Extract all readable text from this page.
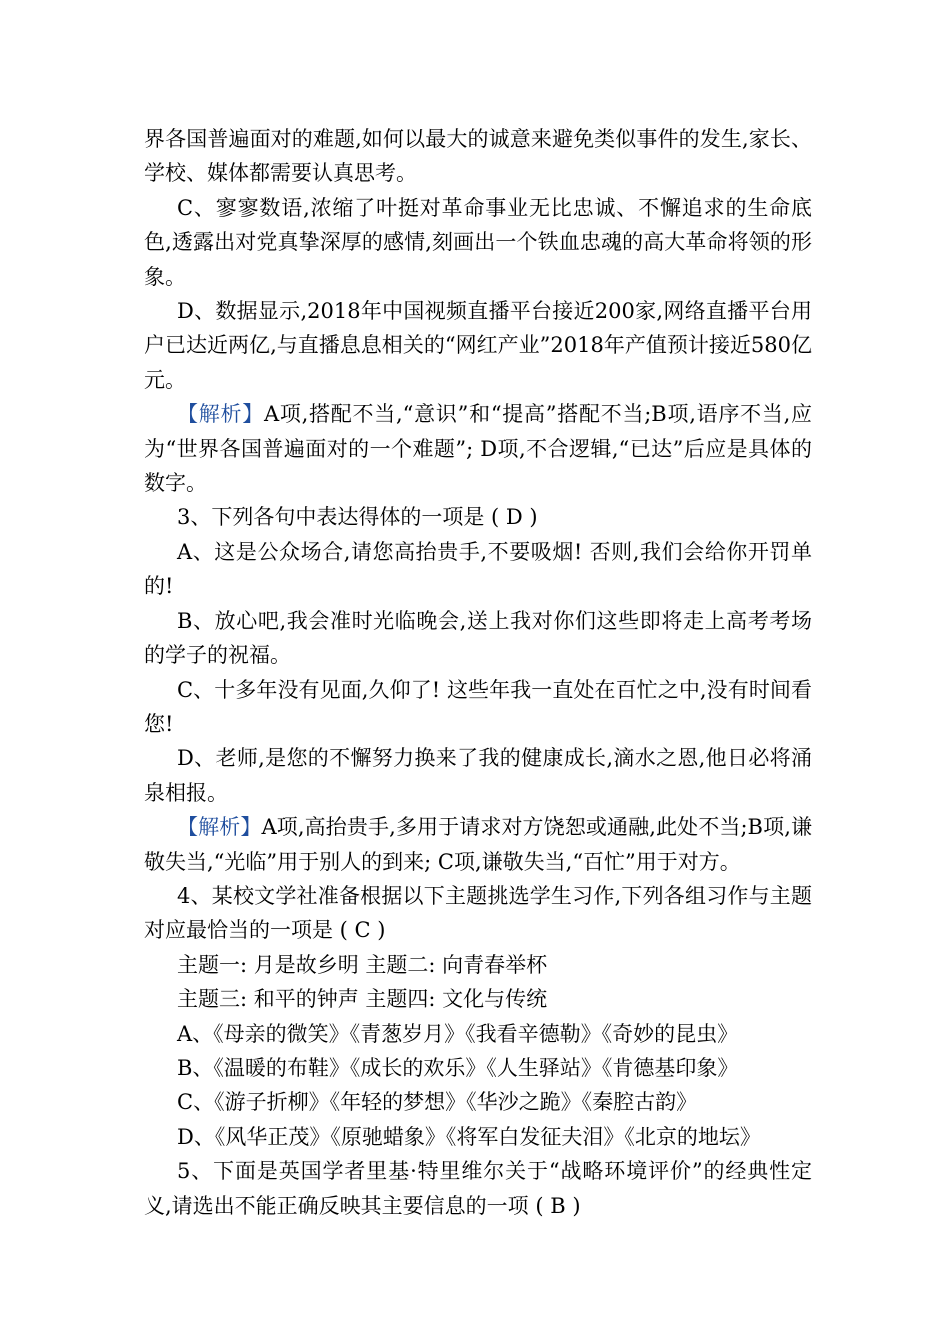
界各国普遍面对的难题,如何以最大的诚意来避免类似事件的发生,家长、学校、媒体都需要认真思考。

C、寥寥数语,浓缩了叶挺对革命事业无比忠诚、不懈追求的生命底色,透露出对党真挚深厚的感情,刻画出一个铁血忠魂的高大革命将领的形象。

D、数据显示,2018年中国视频直播平台接近200家,网络直播平台用户已达近两亿,与直播息息相关的“网红产业”2018年产值预计接近580亿元。

【解析】A项,搭配不当,“意识”和“提高”搭配不当;B项,语序不当,应为“世界各国普遍面对的一个难题”; D项,不合逻辑,“已达”后应是具体的数字。

3、下列各句中表达得体的一项是 ( D )

A、这是公众场合,请您高抬贵手,不要吸烟! 否则,我们会给你开罚单的!

B、放心吧,我会准时光临晚会,送上我对你们这些即将走上高考考场的学子的祝福。

C、十多年没有见面,久仰了! 这些年我一直处在百忙之中,没有时间看您!

D、老师,是您的不懈努力换来了我的健康成长,滴水之恩,他日必将涌泉相报。

【解析】A项,高抬贵手,多用于请求对方饶恕或通融,此处不当;B项,谦敬失当,“光临”用于别人的到来; C项,谦敬失当,“百忙”用于对方。

4、某校文学社准备根据以下主题挑选学生习作,下列各组习作与主题对应最恰当的一项是 ( C )

主题一: 月是故乡明 主题二: 向青春举杯

主题三: 和平的钟声 主题四: 文化与传统

A、《母亲的微笑》《青葱岁月》《我看辛德勒》《奇妙的昆虫》

B、《温暖的布鞋》《成长的欢乐》《人生驿站》《肯德基印象》

C、《游子折柳》《年轻的梦想》《华沙之跪》《秦腔古韵》

D、《风华正茂》《原驰蜡象》《将军白发征夫泪》《北京的地坛》

5、下面是英国学者里基·特里维尔关于“战略环境评价”的经典性定义,请选出不能正确反映其主要信息的一项 ( B )
